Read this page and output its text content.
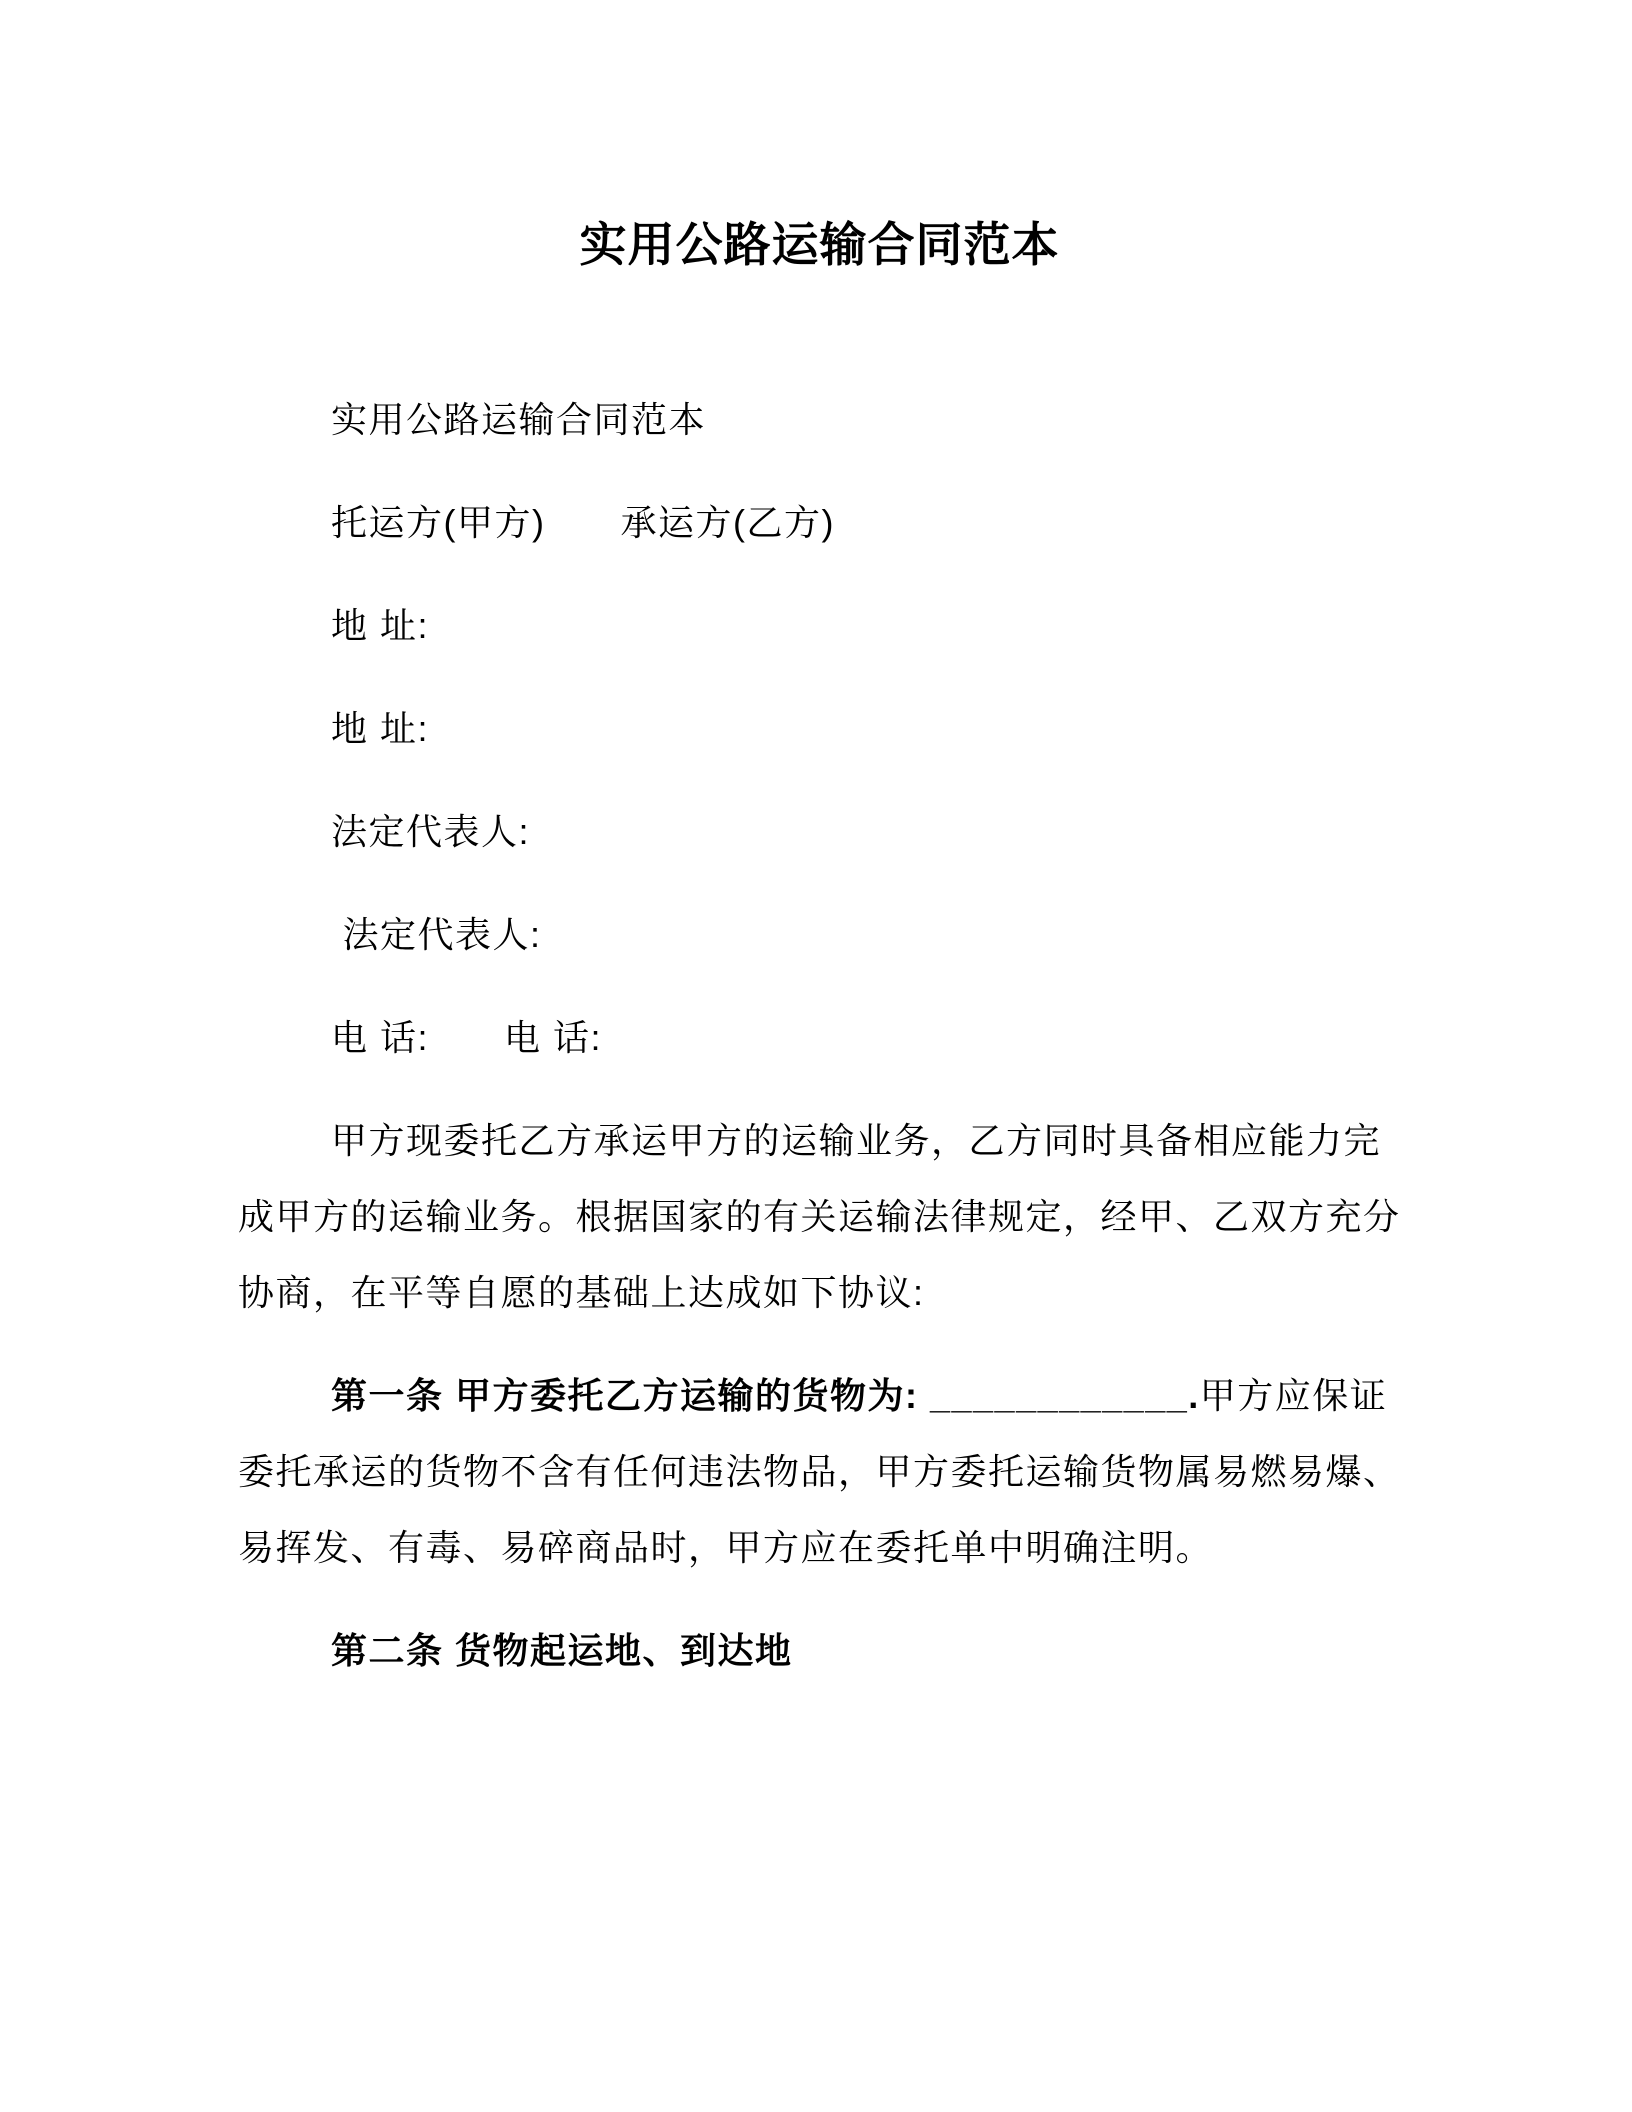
实用公路运输合同范本

实用公路运输合同范本

托运方(甲方)　　承运方(乙方)

地 址:

地 址:

法定代表人:

法定代表人:

电 话:　　电 话:

甲方现委托乙方承运甲方的运输业务，乙方同时具备相应能力完成甲方的运输业务。根据国家的有关运输法律规定，经甲、乙双方充分协商，在平等自愿的基础上达成如下协议:

第一条 甲方委托乙方运输的货物为: ____________.甲方应保证委托承运的货物不含有任何违法物品，甲方委托运输货物属易燃易爆、易挥发、有毒、易碎商品时，甲方应在委托单中明确注明。

第二条 货物起运地、到达地
